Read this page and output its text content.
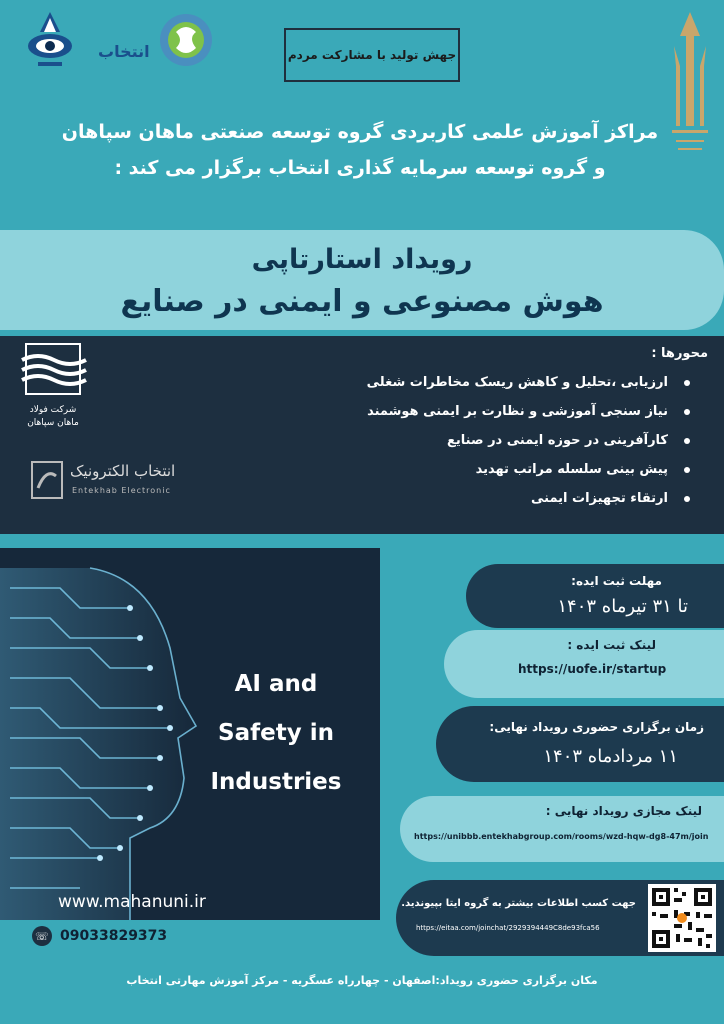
انتخاب	جهش تولید با مشارکت مردم
مراکز آموزش علمی کاربردی گروه توسعه صنعتی ماهان سپاهان
و گروه توسعه سرمایه گذاری انتخاب برگزار می کند :
رویداد استارتاپی
هوش مصنوعی و ایمنی در صنایع
محورها :
ارزیابی ،تحلیل و کاهش ریسک مخاطرات شغلی
نیاز سنجی آموزشی و نظارت بر ایمنی هوشمند
کارآفرینی در حوزه ایمنی در صنایع
پیش بینی سلسله مراتب تهدید
ارتقاء تجهیزات ایمنی
شرکت فولاد ماهان سپاهان
انتخاب الکترونیک
Entekhab Electronic
AI and
Safety in
Industries
www.mahanuni.ir
☏ 09033829373
مهلت ثبت ایده:
تا ۳۱ تیرماه ۱۴۰۳
لینک ثبت ایده :
https://uofe.ir/startup
زمان برگزاری حضوری رویداد نهایی:
۱۱ مردادماه ۱۴۰۳
لینک مجازی رویداد نهایی :
https://unibbb.entekhabgroup.com/rooms/wzd-hqw-dg8-47m/join
جهت کسب اطلاعات بیشتر به گروه ایتا بپیوندید.
https://eitaa.com/joinchat/2929394449C8de93fca56
مکان برگزاری حضوری رویداد:اصفهان - چهارراه عسگریه - مرکز آموزش مهارتی انتخاب
